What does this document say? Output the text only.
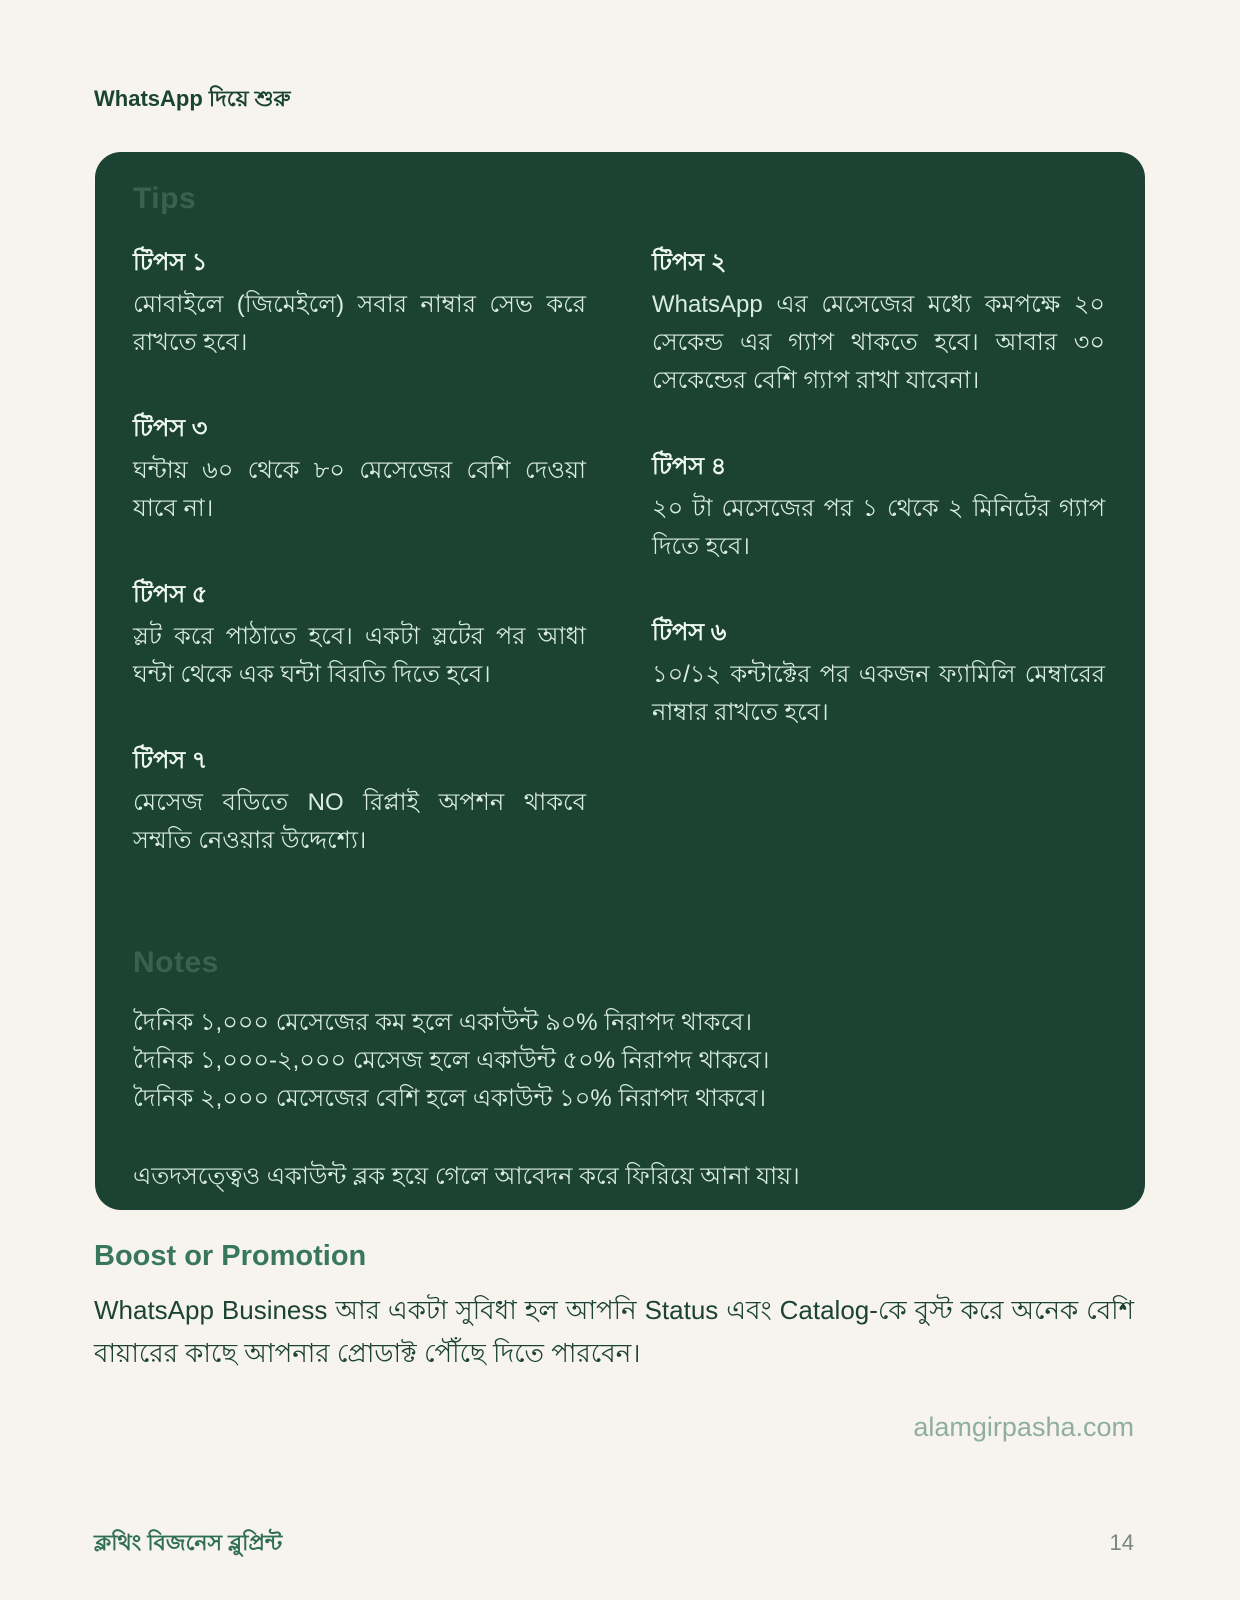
WhatsApp দিয়ে শুরু
Tips
টিপস ১
মোবাইলে (জিমেইলে) সবার নাম্বার সেভ করে রাখতে হবে।
টিপস ৩
ঘন্টায় ৬০ থেকে ৮০ মেসেজের বেশি দেওয়া যাবে না।
টিপস ৫
স্লট করে পাঠাতে হবে। একটা স্লটের পর আধা ঘন্টা থেকে এক ঘন্টা বিরতি দিতে হবে।
টিপস ৭
মেসেজ বডিতে NO রিপ্লাই অপশন থাকবে সম্মতি নেওয়ার উদ্দেশ্যে।
টিপস ২
WhatsApp এর মেসেজের মধ্যে কমপক্ষে ২০ সেকেন্ড এর গ্যাপ থাকতে হবে। আবার ৩০ সেকেন্ডের বেশি গ্যাপ রাখা যাবেনা।
টিপস ৪
২০ টা মেসেজের পর ১ থেকে ২ মিনিটের গ্যাপ দিতে হবে।
টিপস ৬
১০/১২ কন্টাক্টের পর একজন ফ্যামিলি মেম্বারের নাম্বার রাখতে হবে।
Notes
দৈনিক ১,০০০ মেসেজের কম হলে একাউন্ট ৯০% নিরাপদ থাকবে।
দৈনিক ১,০০০-২,০০০ মেসেজ হলে একাউন্ট ৫০% নিরাপদ থাকবে।
দৈনিক ২,০০০ মেসেজের বেশি হলে একাউন্ট ১০% নিরাপদ থাকবে।
এতদসত্ত্বেও একাউন্ট ব্লক হয়ে গেলে আবেদন করে ফিরিয়ে আনা যায়।
Boost or Promotion

WhatsApp Business আর একটা সুবিধা হল আপনি Status এবং Catalog-কে বুস্ট করে অনেক বেশি বায়ারের কাছে আপনার প্রোডাক্ট পৌঁছে দিতে পারবেন।

alamgirpasha.com
ক্লথিং বিজনেস ব্লুপ্রিন্ট	14
